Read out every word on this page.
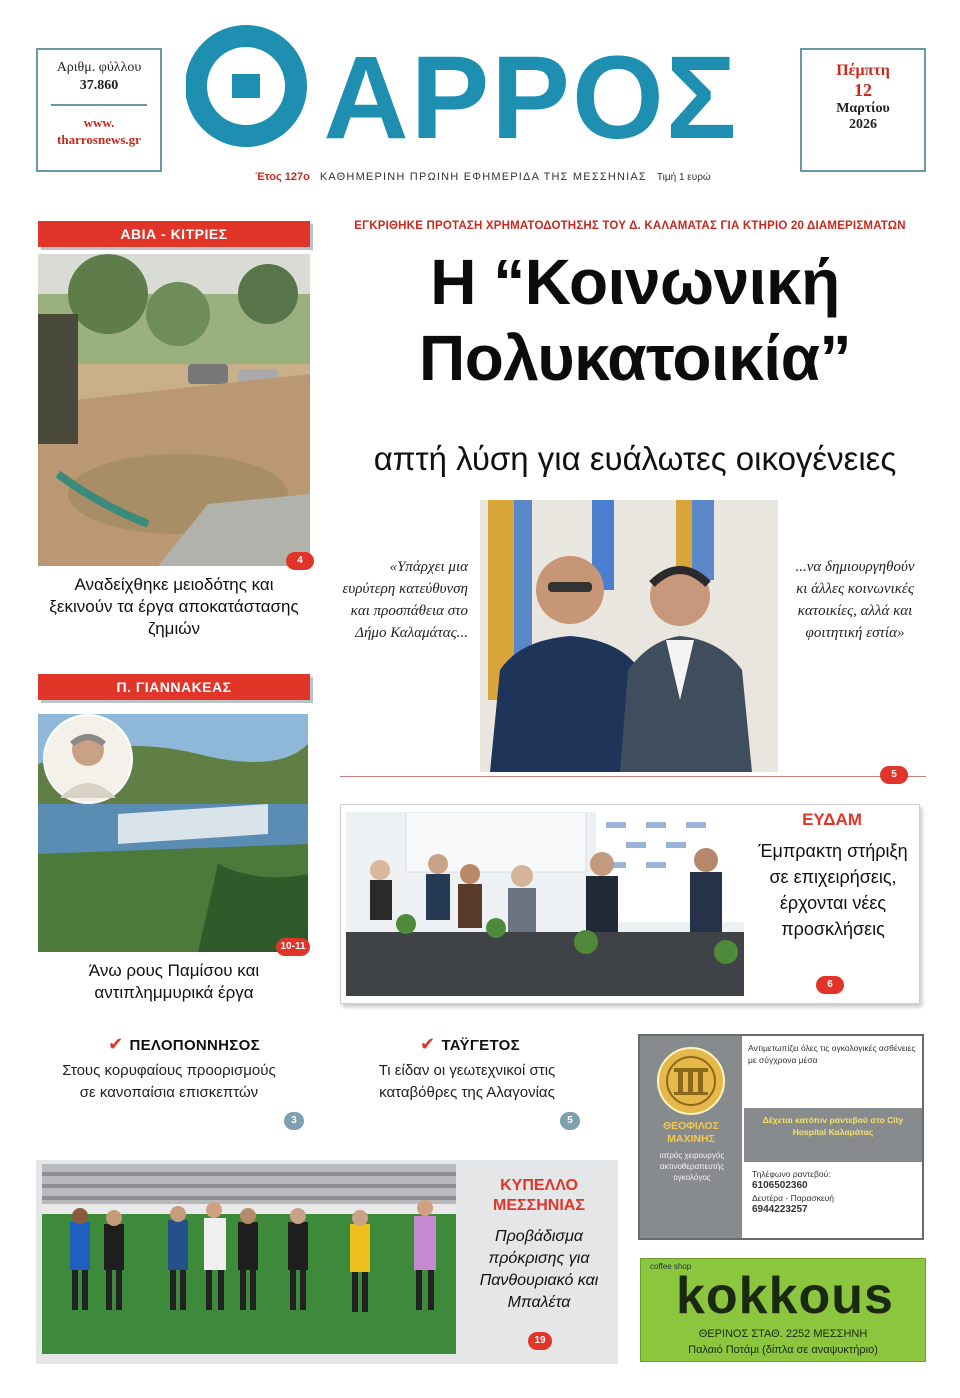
Αριθμ. φύλλου
37.860
www.
tharrosnews.gr ΑΡΡΟΣ
Έτος 127ο ΚΑΘΗΜΕΡΙΝΗ ΠΡΩΙΝΗ ΕΦΗΜΕΡΙΔΑ ΤΗΣ ΜΕΣΣΗΝΙΑΣ Τιμή 1 ευρώ
Πέμπτη
12
Μαρτίου
2026
ΑΒΙΑ - ΚΙΤΡΙΕΣ
4
Αναδείχθηκε μειοδότης και ξεκινούν τα έργα αποκατάστασης ζημιών
Π. ΓΙΑΝΝΑΚΕΑΣ
10-11
Άνω ρους Παμίσου και αντιπλημμυρικά έργα
ΕΓΚΡΙΘΗΚΕ ΠΡΟΤΑΣΗ ΧΡΗΜΑΤΟΔΟΤΗΣΗΣ ΤΟΥ Δ. ΚΑΛΑΜΑΤΑΣ ΓΙΑ ΚΤΗΡΙΟ 20 ΔΙΑΜΕΡΙΣΜΑΤΩΝ
Η “Κοινωνική
Πολυκατοικία”
απτή λύση για ευάλωτες οικογένειες
«Υπάρχει μια ευρύτερη κατεύθυνση και προσπάθεια στο Δήμο Καλαμάτας...
...να δημιουργηθούν κι άλλες κοινωνικές κατοικίες, αλλά και φοιτητική εστία»
5
ΕΥΔΑΜ
Έμπρακτη στήριξη σε επιχειρήσεις, έρχονται νέες προσκλήσεις
6
✔ ΠΕΛΟΠΟΝΝΗΣΟΣ
Στους κορυφαίους προορισμούς σε κανοπαίσια επισκεπτών
3
✔ ΤΑΫΓΕΤΟΣ
Τι είδαν οι γεωτεχνικοί στις καταβόθρες της Αλαγονίας
5
ΚΥΠΕΛΛΟ
ΜΕΣΣΗΝΙΑΣ
Προβάδισμα πρόκρισης για Πανθουριακό και Μπαλέτα
19
ΘΕΟΦΙΛΟΣ ΜΑΧΙΝΗΣ
ιατρός χειρουργός ακτινοθεραπευτής ογκολόγος
Αντιμετωπίζει όλες τις ογκολογικές ασθένειες με σύγχρονα μέσα
Δέχεται κατόπιν ραντεβού στο City Hospital Καλαμάτας
Τηλέφωνο ραντεβού:
6106502360
Δευτέρα - Παρασκευή
6944223257
coffee shop
kokkous
ΘΕΡΙΝΟΣ ΣΤΑΘ. 2252 ΜΕΣΣΗΝΗ
Παλαιό Ποτάμι (δίπλα σε αναψυκτήριο)
